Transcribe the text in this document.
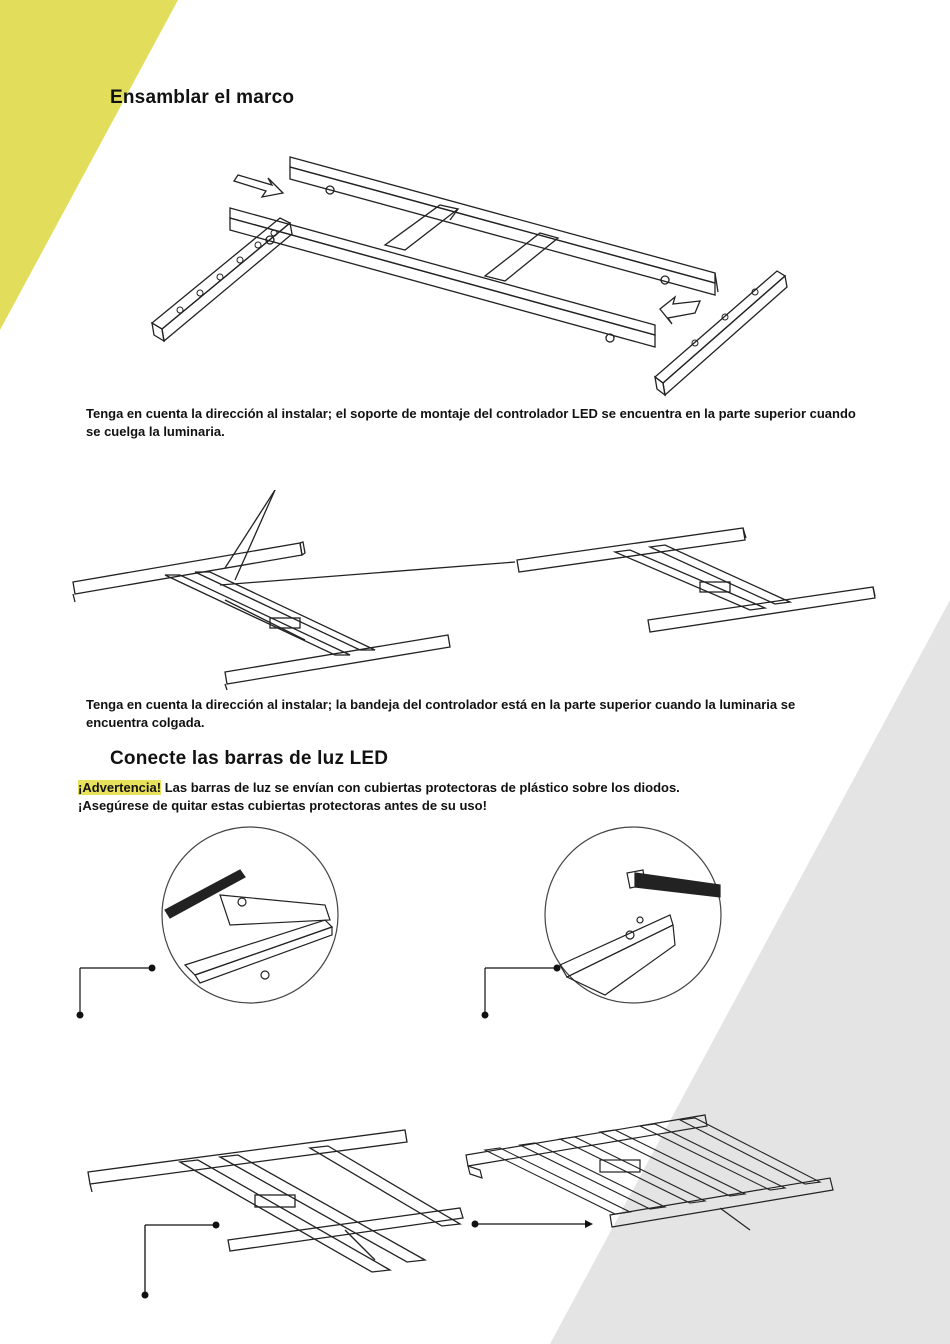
Ensamblar el marco
Tenga en cuenta la dirección al instalar; el soporte de montaje del controlador LED se encuentra en la parte superior cuando se cuelga la luminaria.
Tenga en cuenta la dirección al instalar; la bandeja del controlador está en la parte superior cuando la luminaria se encuentra colgada.
Conecte las barras de luz LED
¡Advertencia! Las barras de luz se envían con cubiertas protectoras de plástico sobre los diodos.
¡Asegúrese de quitar estas cubiertas protectoras antes de su uso!
